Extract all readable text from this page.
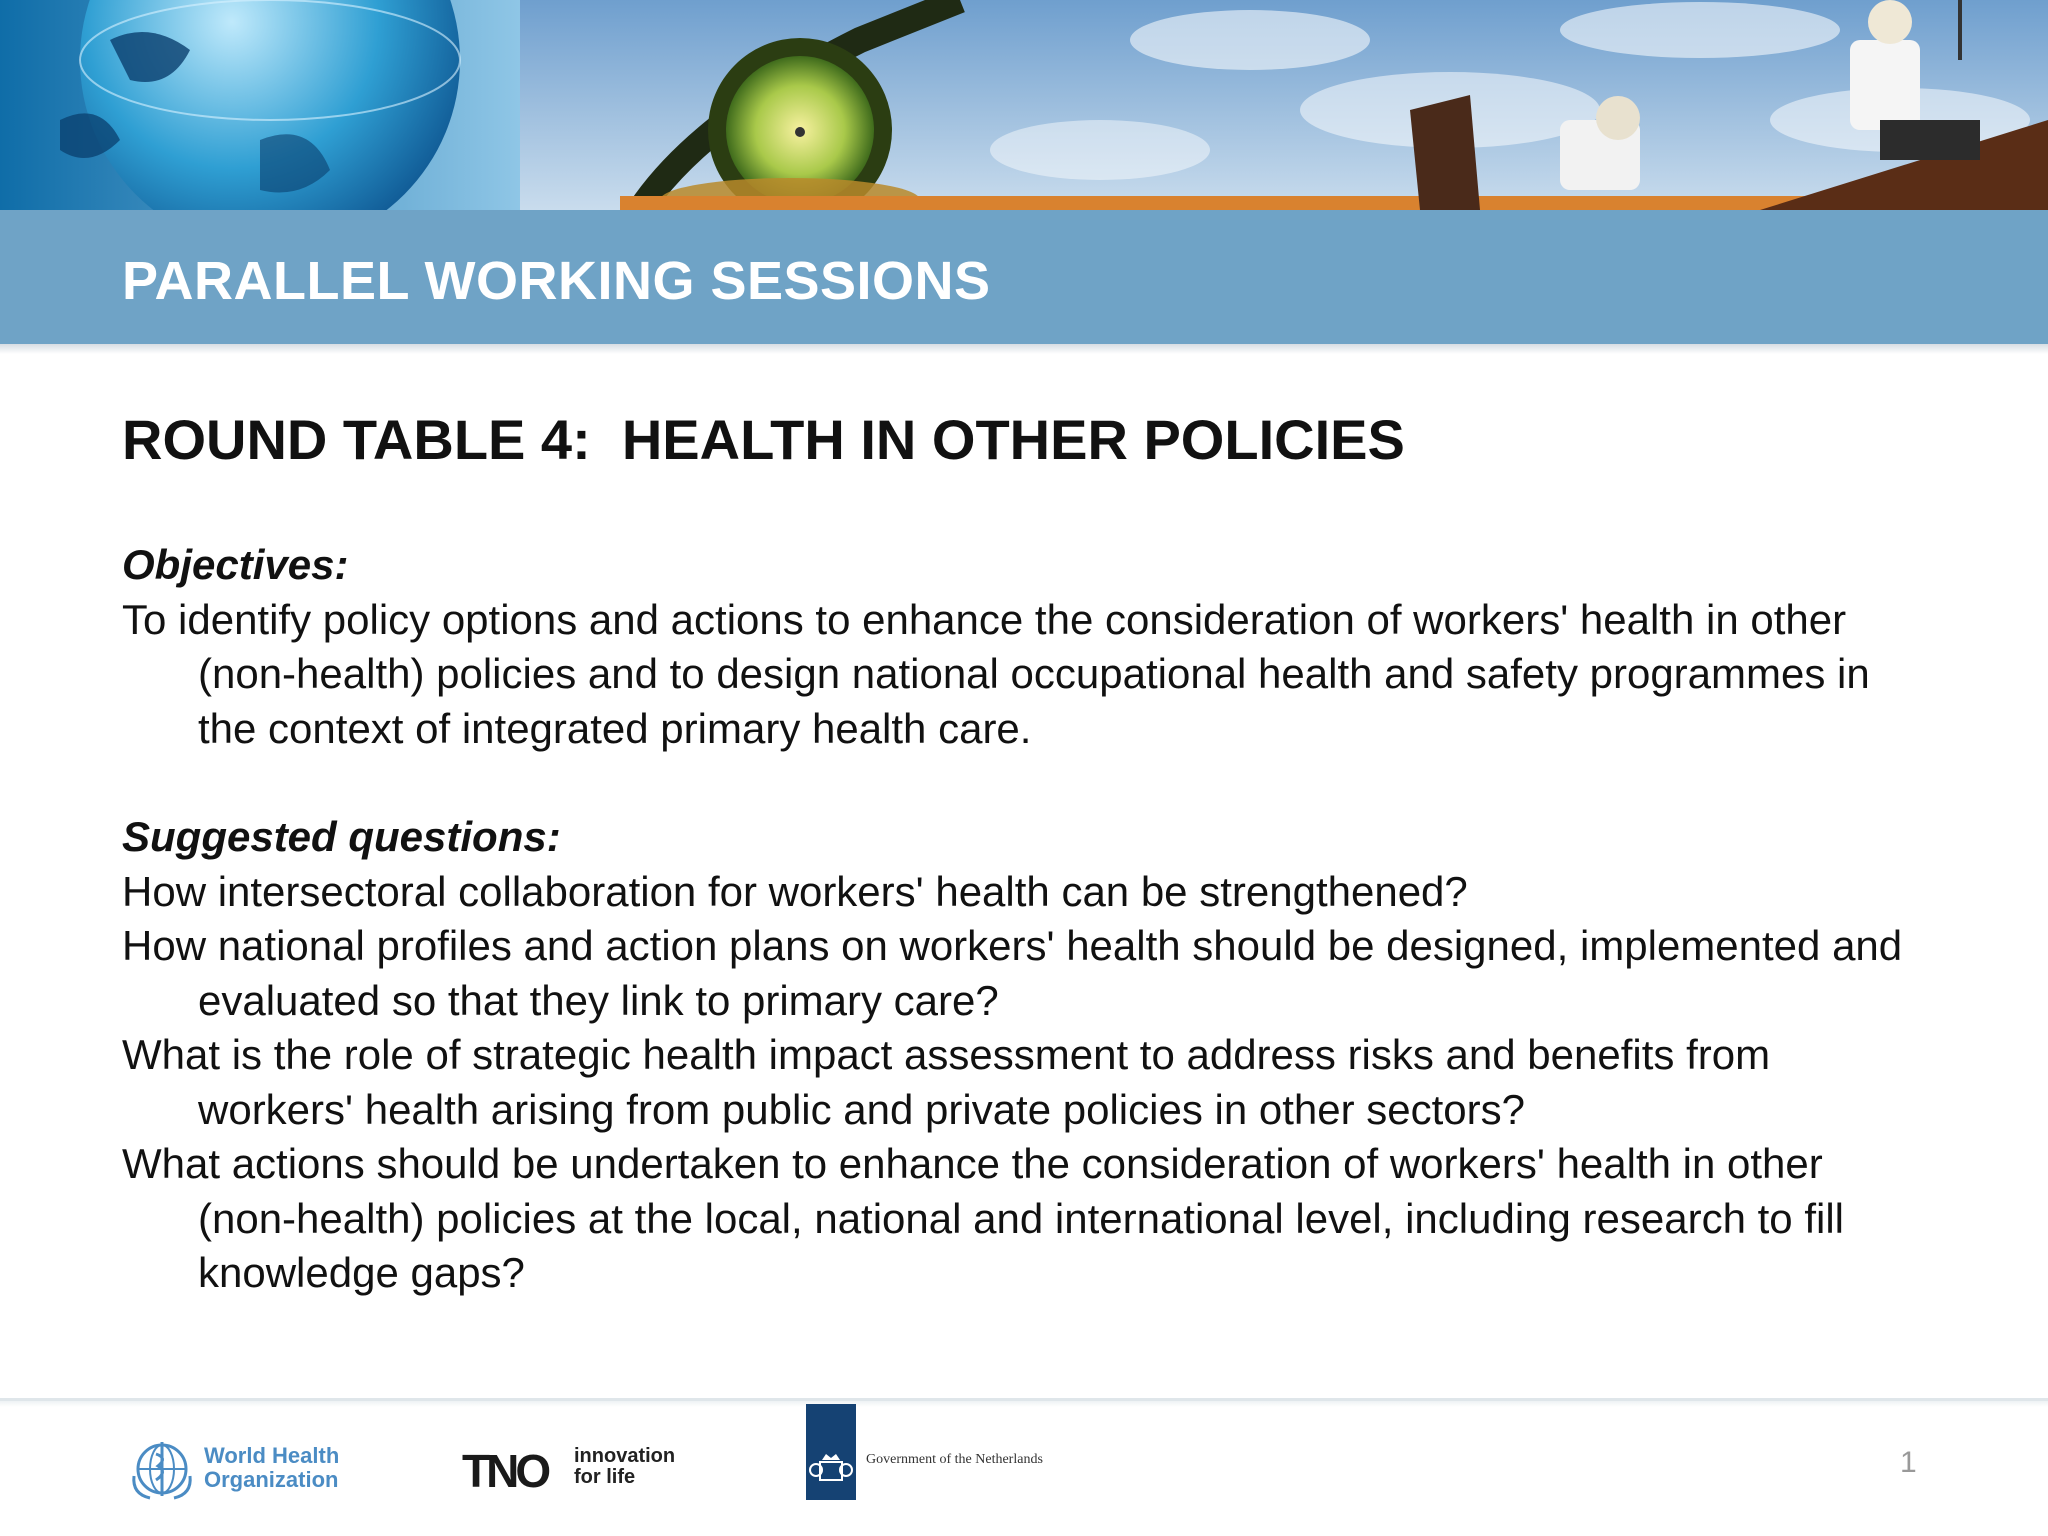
PARALLEL WORKING SESSIONS

ROUND TABLE 4:  HEALTH IN OTHER POLICIES

Objectives:

To identify policy options and actions to enhance the consideration of workers' health in other (non-health) policies and to design national occupational health and safety programmes in the context of integrated primary health care.

Suggested questions:

How intersectoral collaboration for workers' health can be strengthened?

How national profiles and action plans on workers' health should be designed, implemented and evaluated so that they link to primary care?

What is the role of strategic health impact assessment to address risks and benefits from workers' health arising from public and private policies in other sectors?

What actions should be undertaken to enhance the consideration of workers' health in other (non-health) policies at the local, national and international level, including research to fill knowledge gaps?

World Health
Organization	TNO innovation
for life
Government of the Netherlands	1
